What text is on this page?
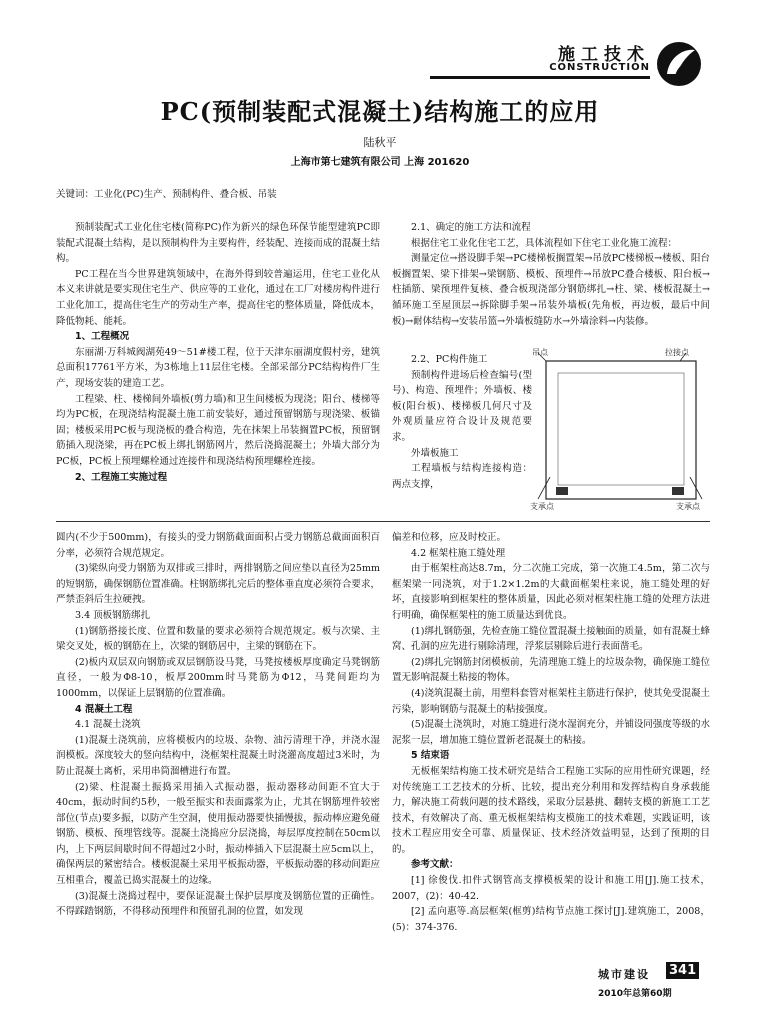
施工技术
CONSTRUCTION
PC(预制装配式混凝土)结构施工的应用
陆秋平
上海市第七建筑有限公司 上海 201620
关键词：工业化(PC)生产、预制构件、叠合板、吊装

预制装配式工业化住宅楼(简称PC)作为新兴的绿色环保节能型建筑PC即装配式混凝土结构，是以预制构件为主要构件，经装配、连接而成的混凝土结构。

PC工程在当今世界建筑领域中，在海外得到较普遍运用，住宅工业化从本义来讲就是要实现住宅生产、供应等的工业化，通过在工厂对楼房构件进行工业化加工，提高住宅生产的劳动生产率，提高住宅的整体质量，降低成本，降低物耗、能耗。

1、工程概况

东丽湖·万科城阀湖苑49～51#楼工程，位于天津东丽湖度假村旁，建筑总面积17761平方米，为3栋地上11层住宅楼。全部采部分PC结构构件厂生产，现场安装的建造工艺。

工程梁、柱、楼梯间外墙板(剪力墙)和卫生间楼板为现浇；阳台、楼梯等均为PC板，在现浇结构混凝土施工前安装好，通过预留钢筋与现浇梁、板锚固；楼板采用PC板与现浇板的叠合构造，先在抹架上吊装搁置PC板，预留钢筋插入现浇梁，再在PC板上绑扎钢筋网片，然后浇捣混凝土；外墙大部分为PC板，PC板上预埋螺栓通过连接件和现浇结构预埋螺栓连接。

2、工程施工实施过程

2.1、确定的施工方法和流程

根据住宅工业化住宅工艺，具体流程如下住宅工业化施工流程：

测量定位→搭设脚手架→PC楼梯板搁置架→吊放PC楼梯板→楼板、阳台板搁置架、梁下排架→梁钢筋、模板、预埋件→吊放PC叠合楼板、阳台板→柱插筋、梁预埋件复核、叠合板现浇部分钢筋绑扎→柱、梁、楼板混凝土→循环施工至屋顶层→拆除脚手架→吊装外墙板(先角板，再边板，最后中间板)→耐体结构→安装吊篮→外墙板缝防水→外墙涂料→内装修。

2.2、PC构件施工

预制构件进场后检查编号(型号)、构造、预埋件；外墙板、楼板(阳台板)、楼梯板几何尺寸及外观质量应符合设计及规范要求。

外墙板施工

工程墙板与结构连接构造：两点支撑，

吊点	拉接点
支承点	支承点

圆内(不少于500mm)，有接头的受力钢筋截面面积占受力钢筋总截面面积百分率，必须符合规范规定。

(3)梁纵向受力钢筋为双排或三排时，两排钢筋之间应垫以直径为25mm的短钢筋，确保钢筋位置准确。柱钢筋绑扎完后的整体垂直度必须符合要求，严禁歪斜后生拉硬拽。

3.4 顶板钢筋绑扎

(1)钢筋搭接长度、位置和数量的要求必须符合规范规定。板与次梁、主梁交叉处，板的钢筋在上，次梁的钢筋居中，主梁的钢筋在下。

(2)板内双层双向钢筋或双层钢筋设马凳，马凳按楼板厚度确定马凳钢筋直径，一般为Φ8-10，板厚200mm时马凳筋为Φ12，马凳间距均为1000mm，以保证上层钢筋的位置准确。

4 混凝土工程

4.1 混凝土浇筑

(1)混凝土浇筑前，应将模板内的垃圾、杂物、油污清理干净，并浇水湿润模板。深度较大的竖向结构中，浇框架柱混凝土时浇灌高度超过3米时，为防止混凝土离析，采用串筒溜槽进行布置。

(2)梁、柱混凝土振捣采用插入式振动器，振动器移动间距不宜大于40cm，振动时间约5秒，一般至振实和表面露浆为止，尤其在钢筋埋件较密部位(节点)要多振，以防产生空洞，使用振动器要快插慢拔，振动棒应避免碰钢筋、模板、预埋管线等。混凝土浇捣应分层浇捣，每层厚度控制在50cm以内，上下两层间歇时间不得超过2小时，振动棒插入下层混凝土应5cm以上，确保两层的紧密结合。楼板混凝土采用平板振动器，平板振动器的移动间距应互相重合，覆盖已捣实混凝土的边缘。

(3)混凝土浇捣过程中，要保证混凝土保护层厚度及钢筋位置的正确性。不得踩踏钢筋，不得移动预埋件和预留孔洞的位置，如发现

偏差和位移，应及时校正。

4.2 框架柱施工缝处理

由于框架柱高达8.7m，分二次施工完成，第一次施工4.5m，第二次与框架梁一同浇筑，对于1.2×1.2m的大截面框架柱来说，施工缝处理的好坏，直接影响到框架柱的整体质量，因此必须对框架柱施工缝的处理方法进行明确，确保框架柱的施工质量达到优良。

(1)绑扎钢筋强，先检查施工缝位置混凝土接触面的质量，如有混凝土蜂窝、孔洞的应先进行剔除清理，浮浆层剔除后进行表面凿毛。

(2)绑扎完钢筋封闭模板前，先清理施工缝上的垃圾杂物，确保施工缝位置无影响混凝土粘接的物体。

(4)浇筑混凝土前，用塑料套管对框架柱主筋进行保护，使其免受混凝土污染，影响钢筋与混凝土的粘接强度。

(5)混凝土浇筑时，对施工缝进行浇水湿润充分，并铺设同强度等级的水泥浆一层，增加施工缝位置新老混凝土的粘接。

5 结束语

无板框架结构施工技术研究是结合工程施工实际的应用性研究课题，经对传统施工工艺技术的分析、比较，提出充分利用和发挥结构自身承载能力，解决施工荷载问题的技术路线，采取分层悬挑、翻转支模的新施工工艺技术，有效解决了高、重无板框架结构支模施工的技术难题，实践证明，该技术工程应用安全可靠、质量保证、技术经济效益明显，达到了预期的目的。

参考文献：

[1] 徐俊伐.扣件式钢管高支撑模板架的设计和施工用[J].施工技术，2007，(2)：40-42.

[2] 孟向惠等.高层框架(框剪)结构节点施工探讨[J].建筑施工，2008，(5)：374-376.

城市建设 341
2010年总第60期
